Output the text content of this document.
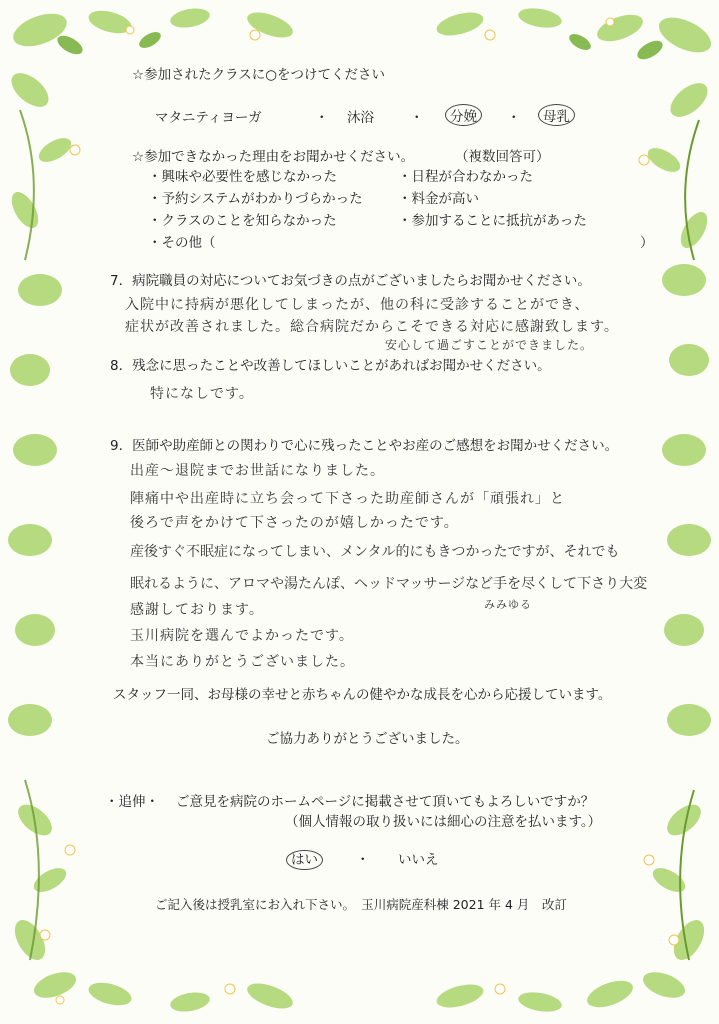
☆参加されたクラスに○をつけてください
マタニティヨーガ	・ 沐浴	・	分娩	・	母乳
☆参加できなかった理由をお聞かせください。	（複数回答可）
・興味や必要性を感じなかった	・日程が合わなかった
・予約システムがわかりづらかった	・料金が高い
・クラスのことを知らなかった	・参加することに抵抗があった
・その他（	）
7．病院職員の対応についてお気づきの点がございましたらお聞かせください。
入院中に持病が悪化してしまったが、他の科に受診することができ、
症状が改善されました。総合病院だからこそできる対応に感謝致します。
安心して過ごすことができました。
8．残念に思ったことや改善してほしいことがあればお聞かせください。
特になしです。
9．医師や助産師との関わりで心に残ったことやお産のご感想をお聞かせください。
出産～退院までお世話になりました。
陣痛中や出産時に立ち会って下さった助産師さんが「頑張れ」と
後ろで声をかけて下さったのが嬉しかったです。
産後すぐ不眠症になってしまい、メンタル的にもきつかったですが、それでも
眠れるように、アロマや湯たんぽ、ヘッドマッサージなど手を尽くして下さり大変
みみゆる
感謝しております。
玉川病院を選んでよかったです。
本当にありがとうございました。
スタッフ一同、お母様の幸せと赤ちゃんの健やかな成長を心から応援しています。
ご協力ありがとうございました。
・追伸・ ご意見を病院のホームページに掲載させて頂いてもよろしいですか？
（個人情報の取り扱いには細心の注意を払います。）
はい	・ いいえ
ご記入後は授乳室にお入れ下さい。　玉川病院産科棟 2021 年 4 月　改訂
